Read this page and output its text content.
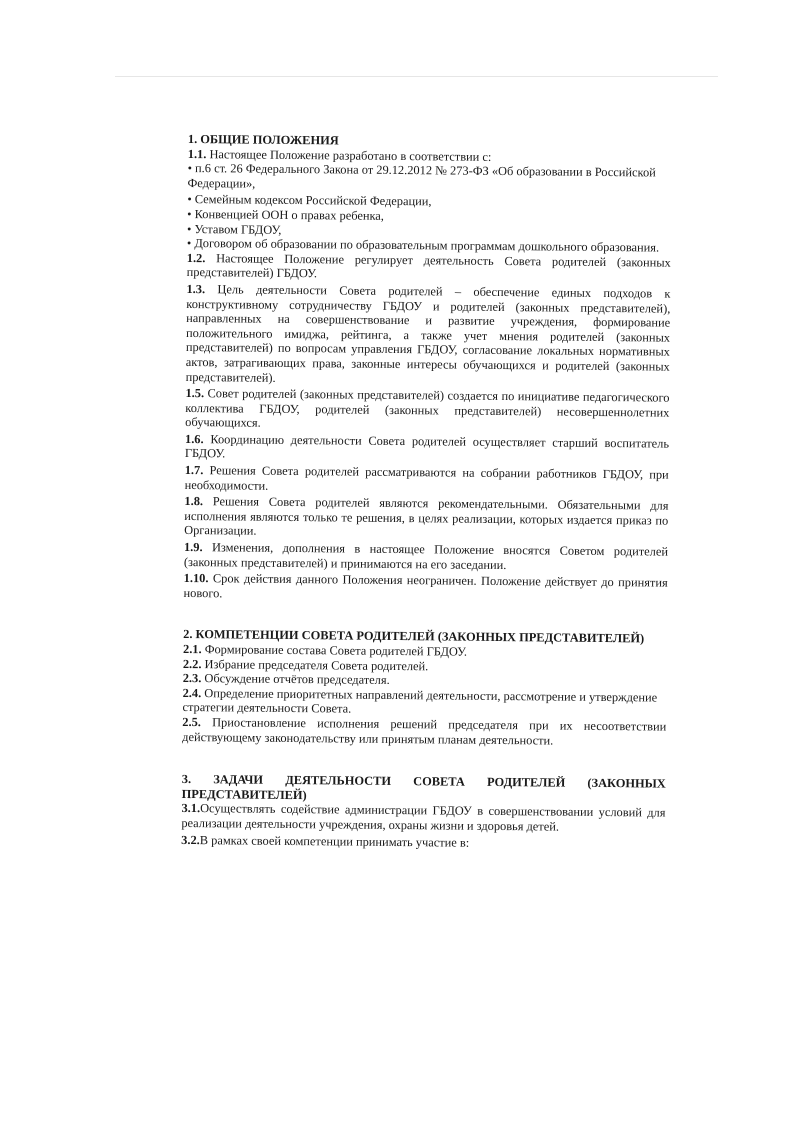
1. ОБЩИЕ ПОЛОЖЕНИЯ

1.1. Настоящее Положение разработано в соответствии с:

• п.6 ст. 26 Федерального Закона от 29.12.2012 № 273-ФЗ «Об образовании в Российской Федерации»,

• Семейным кодексом Российской Федерации,

• Конвенцией ООН о правах ребенка,

• Уставом ГБДОУ,

• Договором об образовании по образовательным программам дошкольного образования.

1.2. Настоящее Положение регулирует деятельность Совета родителей (законных представителей) ГБДОУ.

1.3. Цель деятельности Совета родителей – обеспечение единых подходов к конструктивному сотрудничеству ГБДОУ и родителей (законных представителей), направленных на совершенствование и развитие учреждения, формирование положительного имиджа, рейтинга, а также учет мнения родителей (законных представителей) по вопросам управления ГБДОУ, согласование локальных нормативных актов, затрагивающих права, законные интересы обучающихся и родителей (законных представителей).

1.5. Совет родителей (законных представителей) создается по инициативе педагогического коллектива ГБДОУ, родителей (законных представителей) несовершеннолетних обучающихся.

1.6. Координацию деятельности Совета родителей осуществляет старший воспитатель ГБДОУ.

1.7. Решения Совета родителей рассматриваются на собрании работников ГБДОУ, при необходимости.

1.8. Решения Совета родителей являются рекомендательными. Обязательными для исполнения являются только те решения, в целях реализации, которых издается приказ по Организации.

1.9. Изменения, дополнения в настоящее Положение вносятся Советом родителей (законных представителей) и принимаются на его заседании.

1.10. Срок действия данного Положения неограничен. Положение действует до принятия нового.

2. КОМПЕТЕНЦИИ СОВЕТА РОДИТЕЛЕЙ (ЗАКОННЫХ ПРЕДСТАВИТЕЛЕЙ)

2.1. Формирование состава Совета родителей ГБДОУ.

2.2. Избрание председателя Совета родителей.

2.3. Обсуждение отчётов председателя.

2.4. Определение приоритетных направлений деятельности, рассмотрение и утверждение стратегии деятельности Совета.

2.5. Приостановление исполнения решений председателя при их несоответствии действующему законодательству или принятым планам деятельности.

3. ЗАДАЧИ ДЕЯТЕЛЬНОСТИ СОВЕТА РОДИТЕЛЕЙ (ЗАКОННЫХ ПРЕДСТАВИТЕЛЕЙ)

3.1.Осуществлять содействие администрации ГБДОУ в совершенствовании условий для реализации деятельности учреждения, охраны жизни и здоровья детей.

3.2.В рамках своей компетенции принимать участие в:
